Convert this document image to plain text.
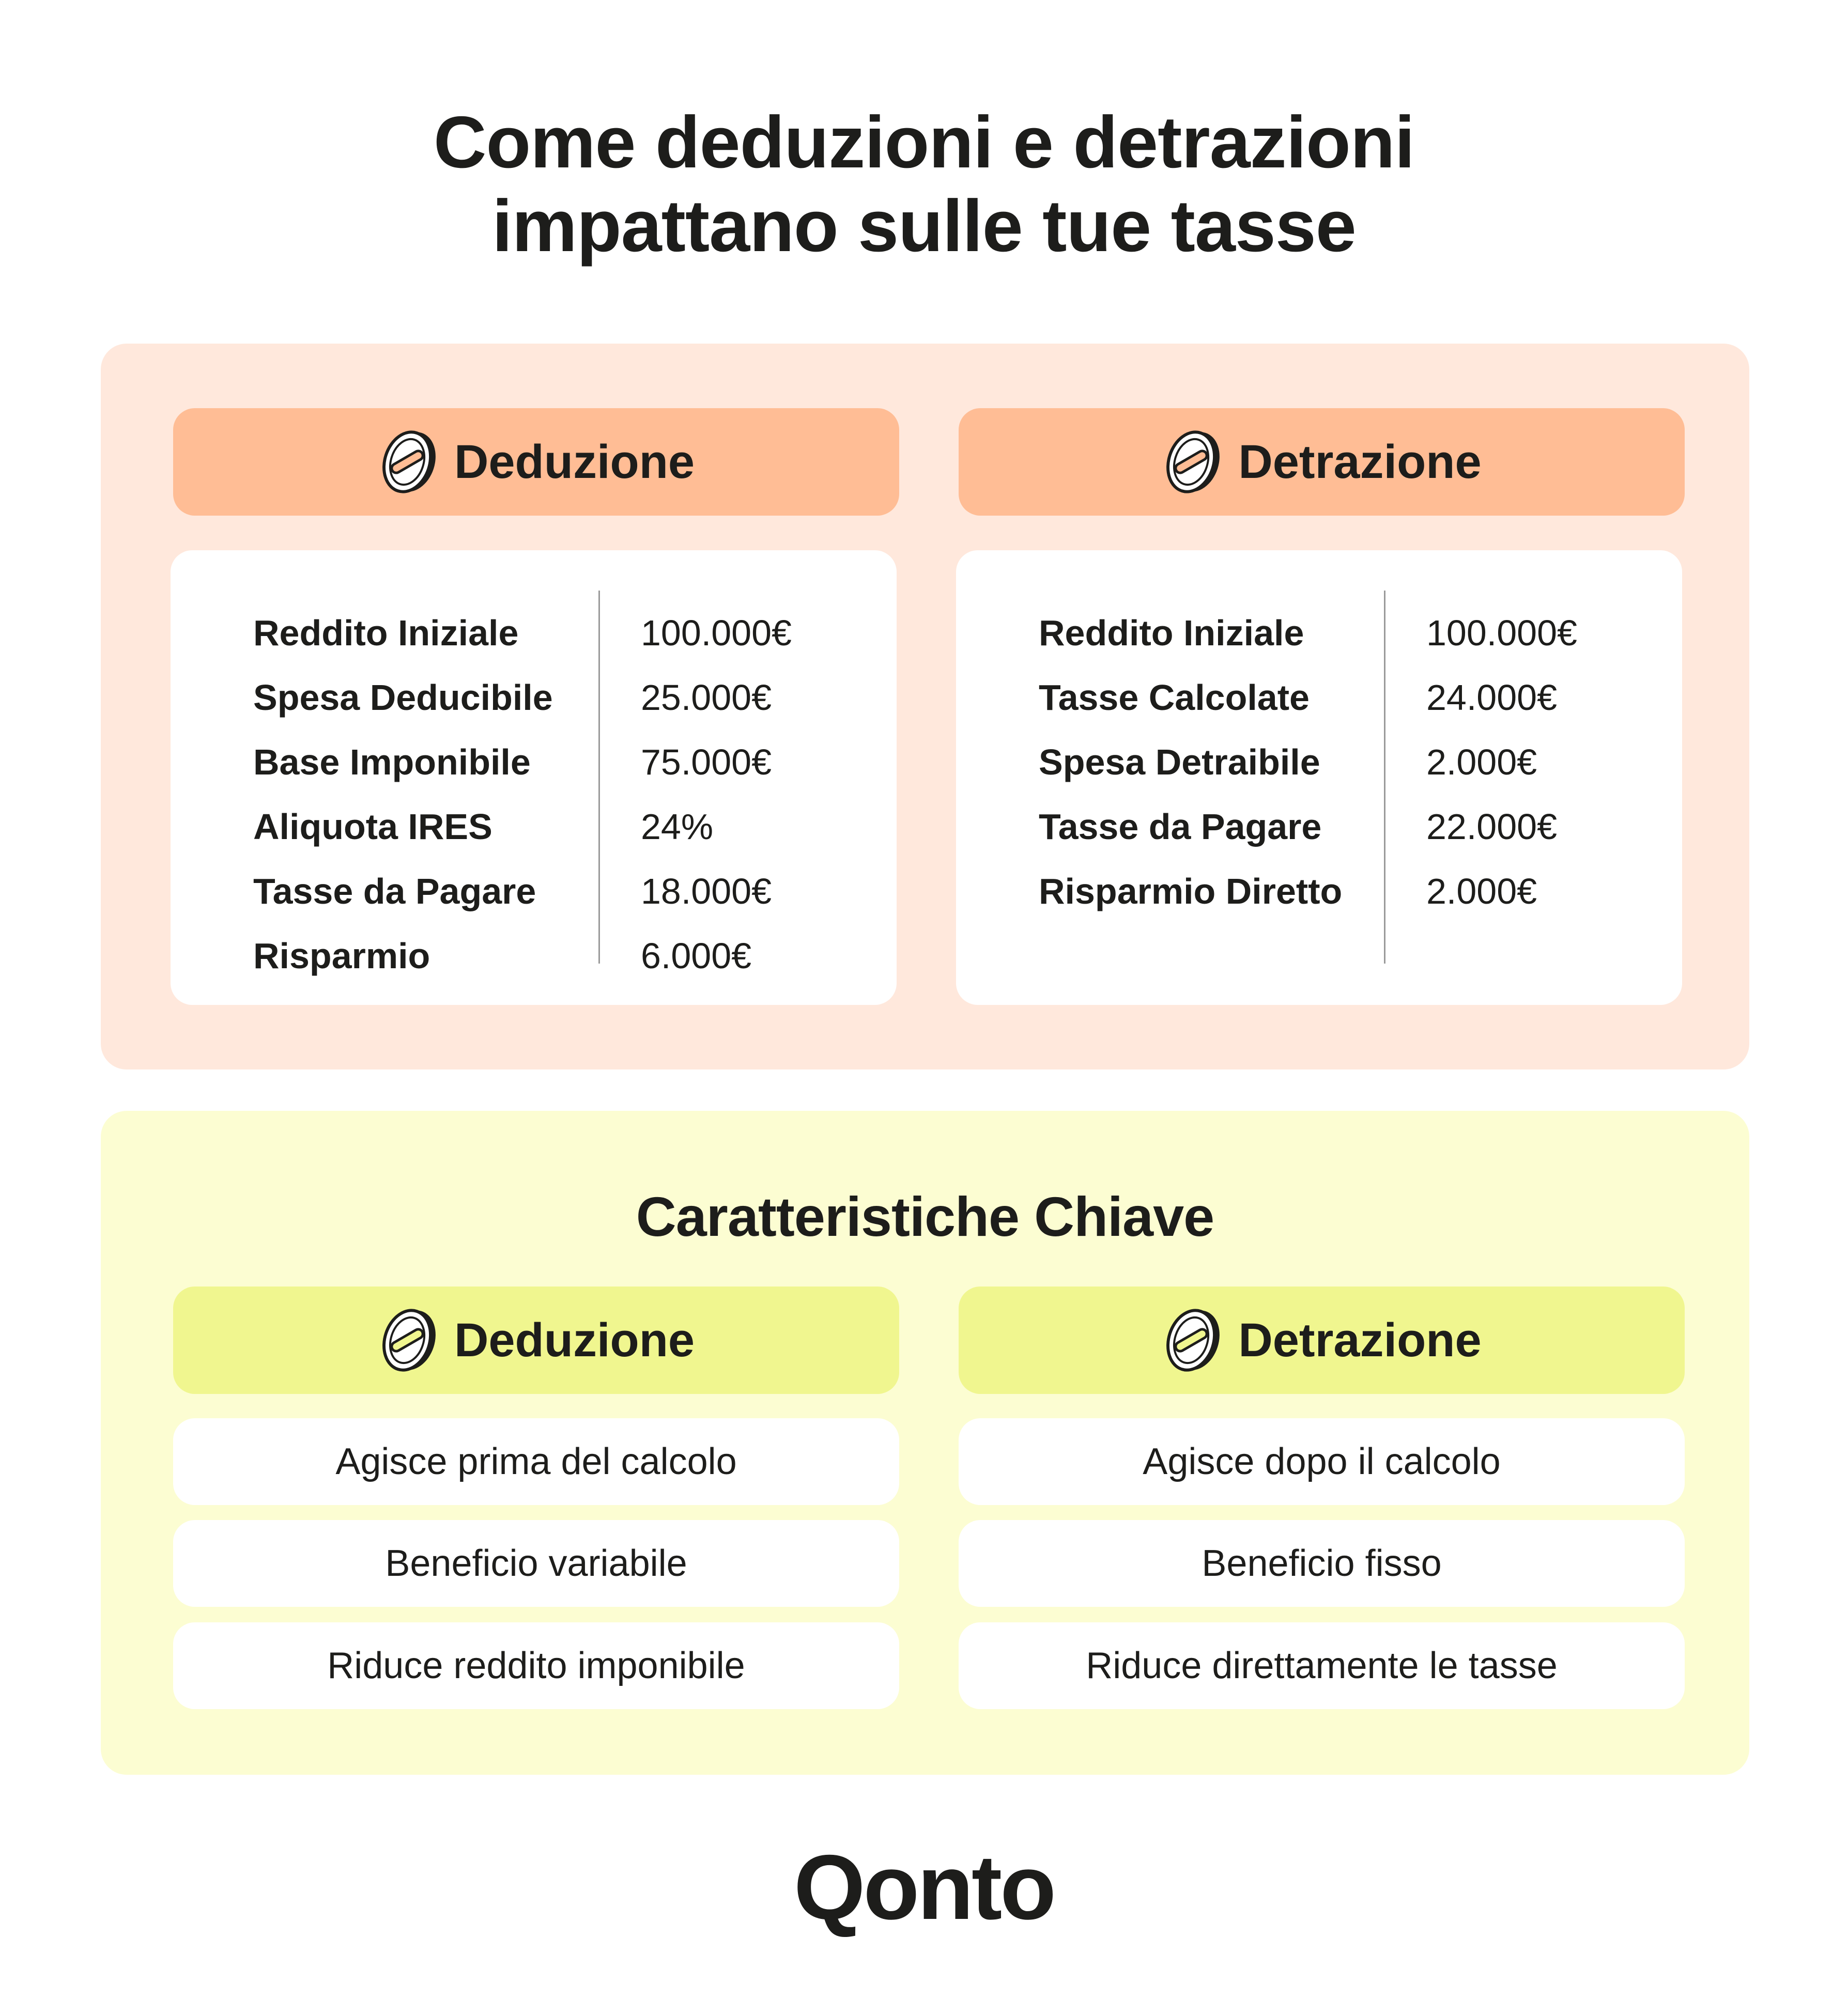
Come deduzioni e detrazioni
impattano sulle tue tasse
Deduzione	Detrazione
Reddito Iniziale	100.000€
Spesa Deducibile	25.000€
Base Imponibile	75.000€
Aliquota IRES	24%
Tasse da Pagare	18.000€
Risparmio	6.000€
Reddito Iniziale	100.000€
Tasse Calcolate	24.000€
Spesa Detraibile	2.000€
Tasse da Pagare	22.000€
Risparmio Diretto	2.000€
Caratteristiche Chiave
Deduzione	Detrazione
Agisce prima del calcolo
Beneficio variabile
Riduce reddito imponibile
Agisce dopo il calcolo
Beneficio fisso
Riduce direttamente le tasse
Qonto
